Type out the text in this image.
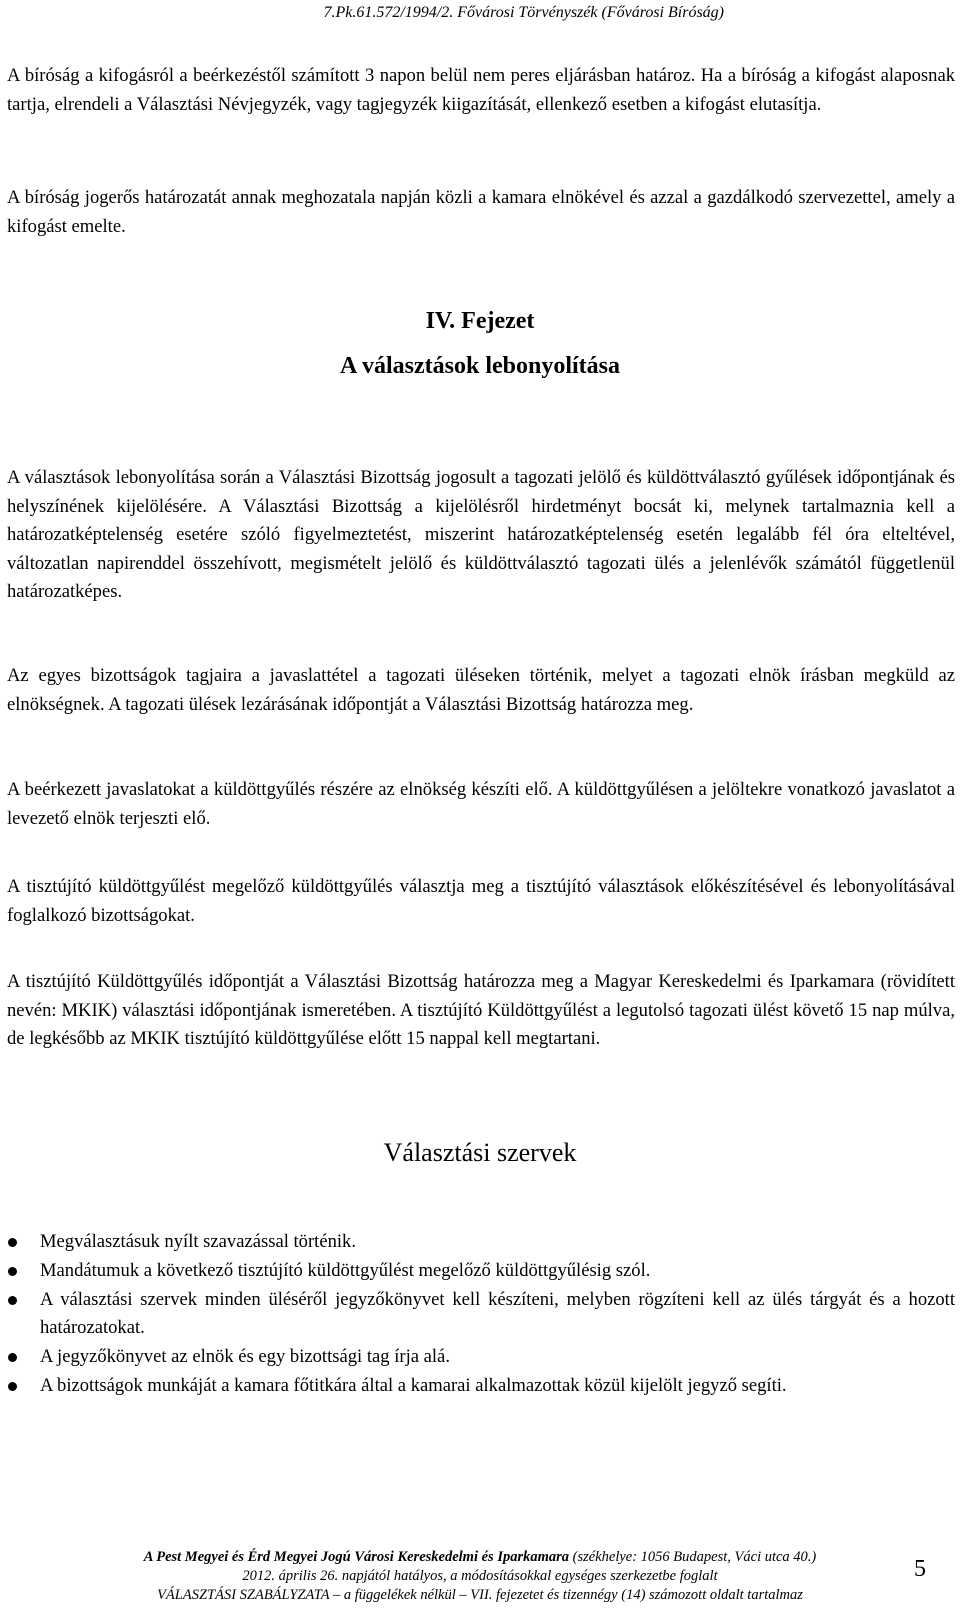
7.Pk.61.572/1994/2. Fővárosi Törvényszék (Fővárosi Bíróság)

A bíróság a kifogásról a beérkezéstől számított 3 napon belül nem peres eljárásban határoz. Ha a bíróság a kifogást alaposnak tartja, elrendeli a Választási Névjegyzék, vagy tagjegyzék kiigazítását, ellenkező esetben a kifogást elutasítja.

A bíróság jogerős határozatát annak meghozatala napján közli a kamara elnökével és azzal a gazdálkodó szervezettel, amely a kifogást emelte.

IV. Fejezet
A választások lebonyolítása

A választások lebonyolítása során a Választási Bizottság jogosult a tagozati jelölő és küldöttválasztó gyűlések időpontjának és helyszínének kijelölésére. A Választási Bizottság a kijelölésről hirdetményt bocsát ki, melynek tartalmaznia kell a határozatképtelenség esetére szóló figyelmeztetést, miszerint határozatképtelenség esetén legalább fél óra elteltével, változatlan napirenddel összehívott, megismételt jelölő és küldöttválasztó tagozati ülés a jelenlévők számától függetlenül határozatképes.

Az egyes bizottságok tagjaira a javaslattétel a tagozati üléseken történik, melyet a tagozati elnök írásban megküld az elnökségnek. A tagozati ülések lezárásának időpontját a Választási Bizottság határozza meg.

A beérkezett javaslatokat a küldöttgyűlés részére az elnökség készíti elő. A küldöttgyűlésen a jelöltekre vonatkozó javaslatot a levezető elnök terjeszti elő.

A tisztújító küldöttgyűlést megelőző küldöttgyűlés választja meg a tisztújító választások előkészítésével és lebonyolításával foglalkozó bizottságokat.

A tisztújító Küldöttgyűlés időpontját a Választási Bizottság határozza meg a Magyar Kereskedelmi és Iparkamara (rövidített nevén: MKIK) választási időpontjának ismeretében. A tisztújító Küldöttgyűlést a legutolsó tagozati ülést követő 15 nap múlva, de legkésőbb az MKIK tisztújító küldöttgyűlése előtt 15 nappal kell megtartani.

Választási szervek
Megválasztásuk nyílt szavazással történik.
Mandátumuk a következő tisztújító küldöttgyűlést megelőző küldöttgyűlésig szól.
A választási szervek minden üléséről jegyzőkönyvet kell készíteni, melyben rögzíteni kell az ülés tárgyát és a hozott határozatokat.
A jegyzőkönyvet az elnök és egy bizottsági tag írja alá.
A bizottságok munkáját a kamara főtitkára által a kamarai alkalmazottak közül kijelölt jegyző segíti.
A Pest Megyei és Érd Megyei Jogú Városi Kereskedelmi és Iparkamara (székhelye: 1056 Budapest, Váci utca 40.)
2012. április 26. napjától hatályos, a módosításokkal egységes szerkezetbe foglalt
VÁLASZTÁSI SZABÁLYZATA – a függelékek nélkül – VII. fejezetet és tizennégy (14) számozott oldalt tartalmaz
5
